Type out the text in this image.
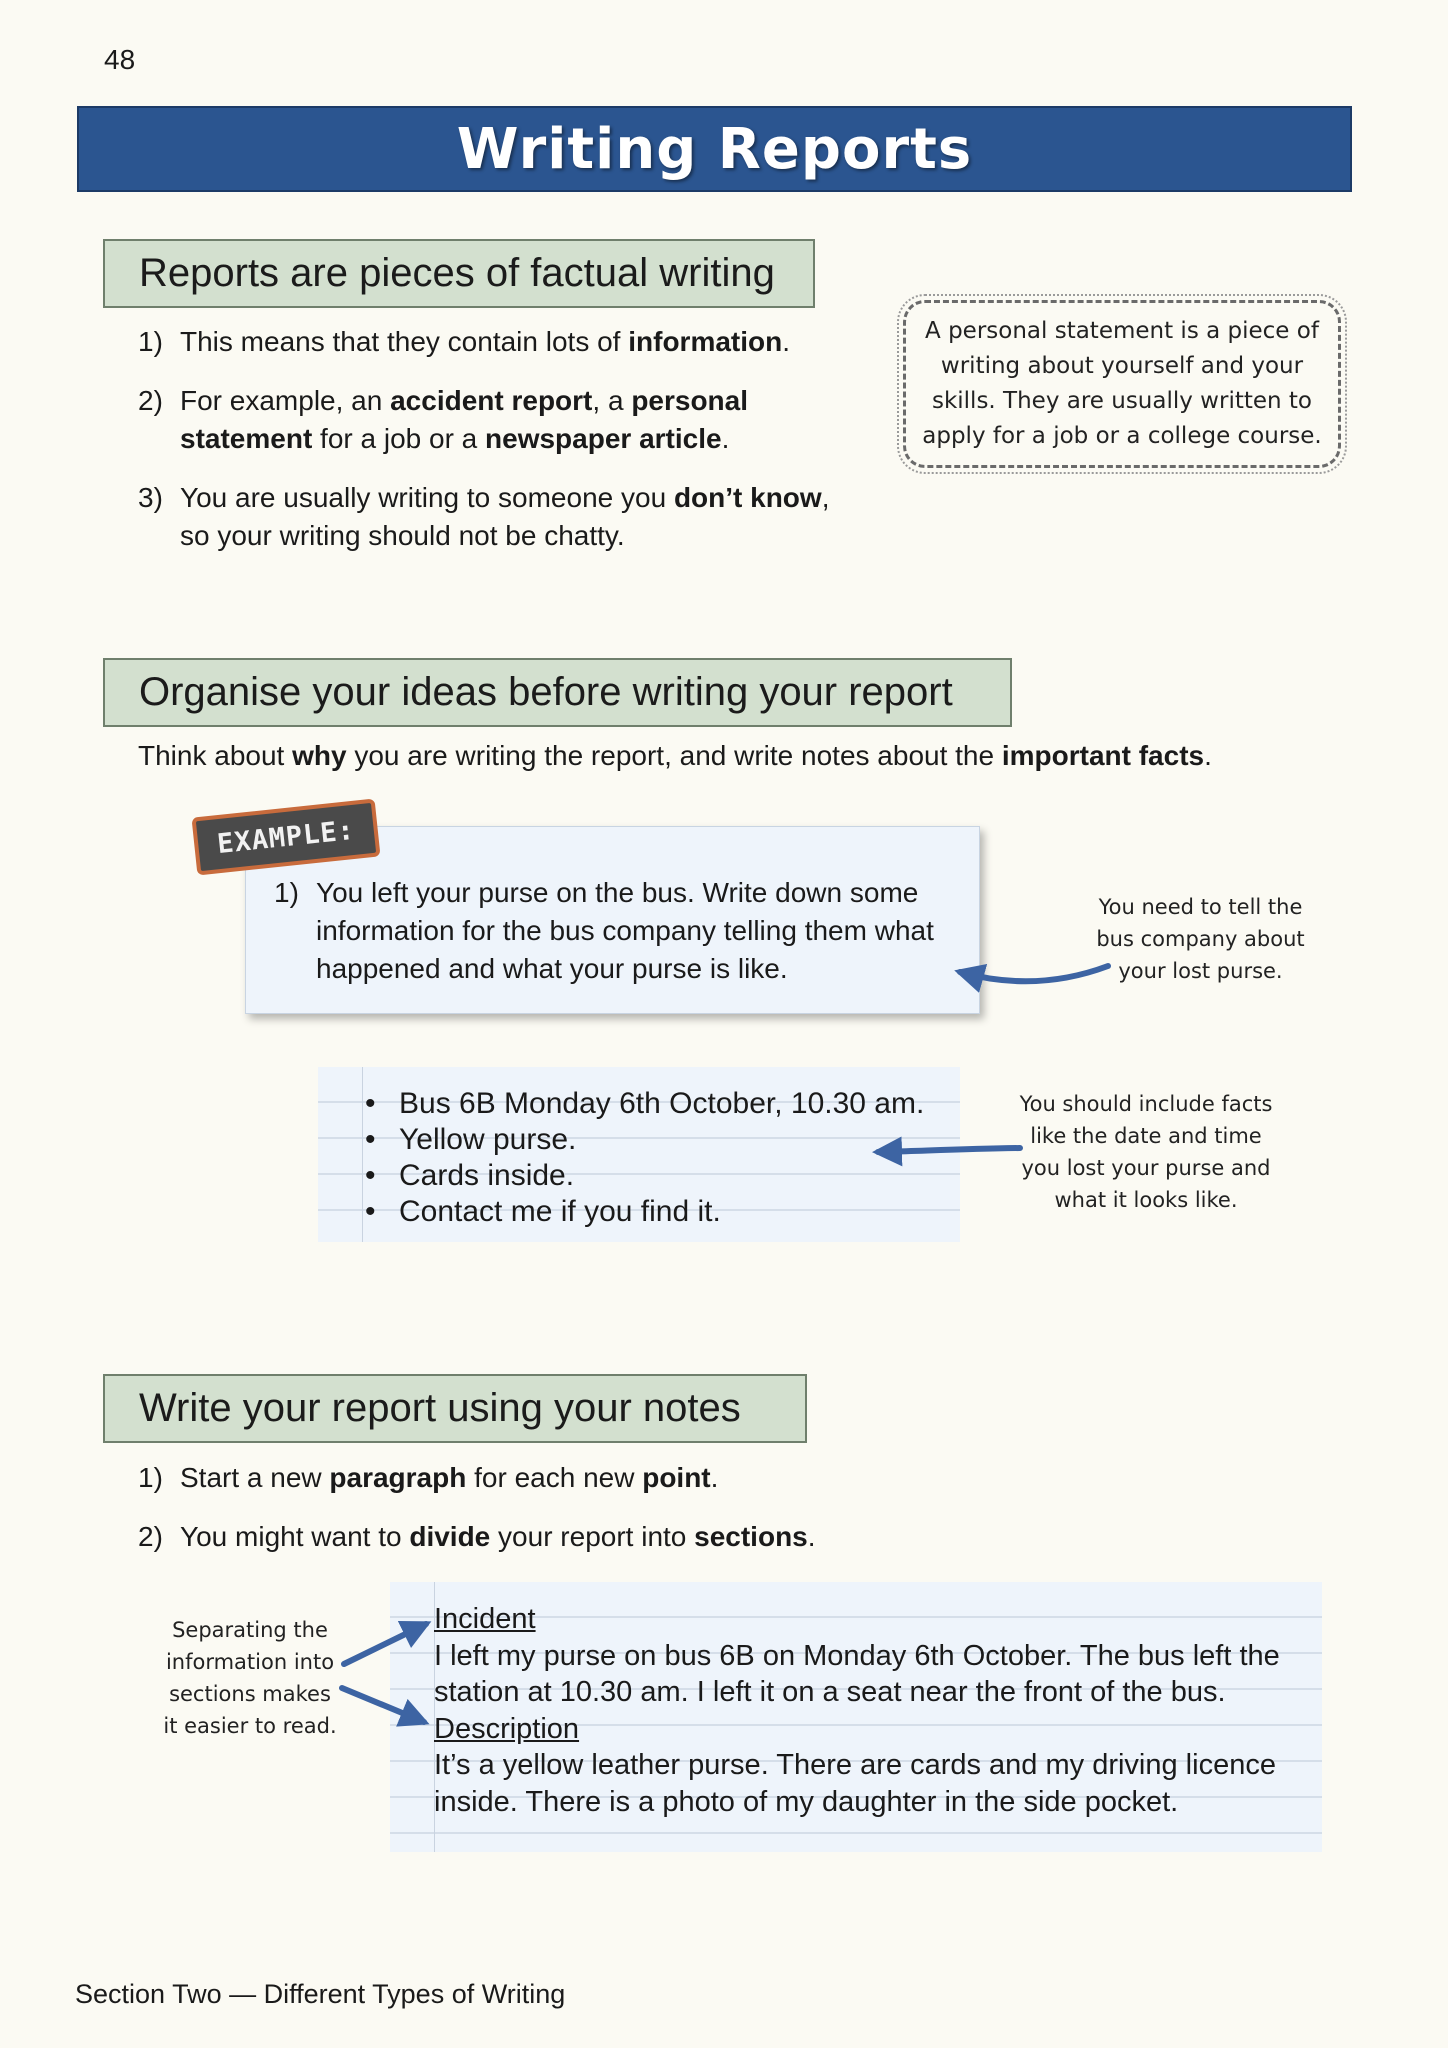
48
Writing Reports
Reports are pieces of factual writing
1) This means that they contain lots of information.
2) For example, an accident report, a personal statement for a job or a newspaper article.
3) You are usually writing to someone you don’t know,
so your writing should not be chatty.
A personal statement is a piece of writing about yourself and your skills. They are usually written to apply for a job or a college course.
Organise your ideas before writing your report
Think about why you are writing the report, and write notes about the important facts.
1) You left your purse on the bus. Write down some information for the bus company telling them what happened and what your purse is like.
EXAMPLE:
You need to tell the bus company about your lost purse.
• Bus 6B Monday 6th October, 10.30 am.
• Yellow purse.
• Cards inside.
• Contact me if you find it.
You should include facts like the date and time you lost your purse and what it looks like.
Write your report using your notes
1) Start a new paragraph for each new point.
2) You might want to divide your report into sections.
Separating the information into sections makes it easier to read.
Incident
I left my purse on bus 6B on Monday 6th October. The bus left the station at 10.30 am. I left it on a seat near the front of the bus.
Description
It’s a yellow leather purse. There are cards and my driving licence inside. There is a photo of my daughter in the side pocket.
Section Two — Different Types of Writing
